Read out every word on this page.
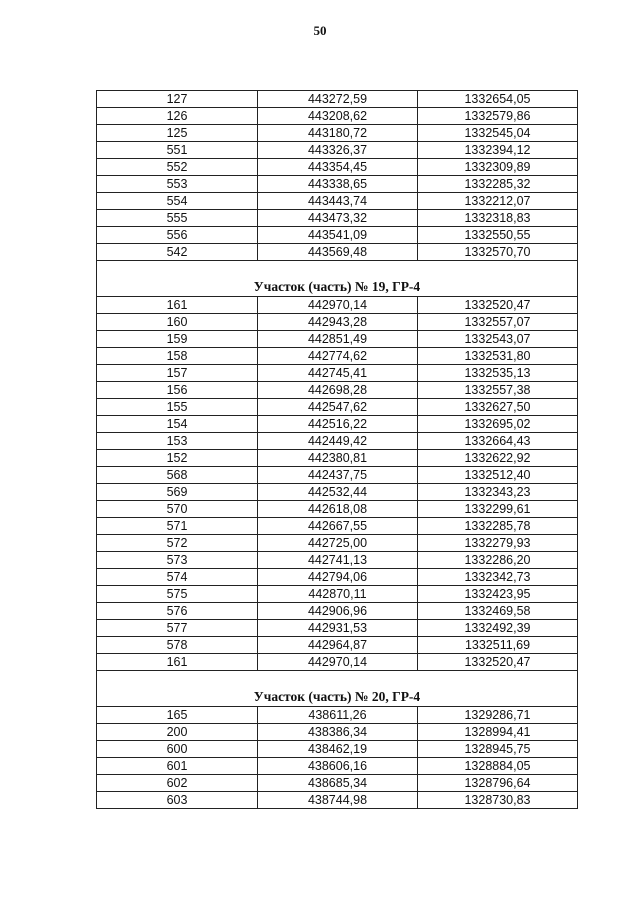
50
127	443272,59	1332654,05
126	443208,62	1332579,86
125	443180,72	1332545,04
551	443326,37	1332394,12
552	443354,45	1332309,89
553	443338,65	1332285,32
554	443443,74	1332212,07
555	443473,32	1332318,83
556	443541,09	1332550,55
542	443569,48	1332570,70
Участок (часть) № 19, ГР-4		
161	442970,14	1332520,47
160	442943,28	1332557,07
159	442851,49	1332543,07
158	442774,62	1332531,80
157	442745,41	1332535,13
156	442698,28	1332557,38
155	442547,62	1332627,50
154	442516,22	1332695,02
153	442449,42	1332664,43
152	442380,81	1332622,92
568	442437,75	1332512,40
569	442532,44	1332343,23
570	442618,08	1332299,61
571	442667,55	1332285,78
572	442725,00	1332279,93
573	442741,13	1332286,20
574	442794,06	1332342,73
575	442870,11	1332423,95
576	442906,96	1332469,58
577	442931,53	1332492,39
578	442964,87	1332511,69
161	442970,14	1332520,47
Участок (часть) № 20, ГР-4		
165	438611,26	1329286,71
200	438386,34	1328994,41
600	438462,19	1328945,75
601	438606,16	1328884,05
602	438685,34	1328796,64
603	438744,98	1328730,83
